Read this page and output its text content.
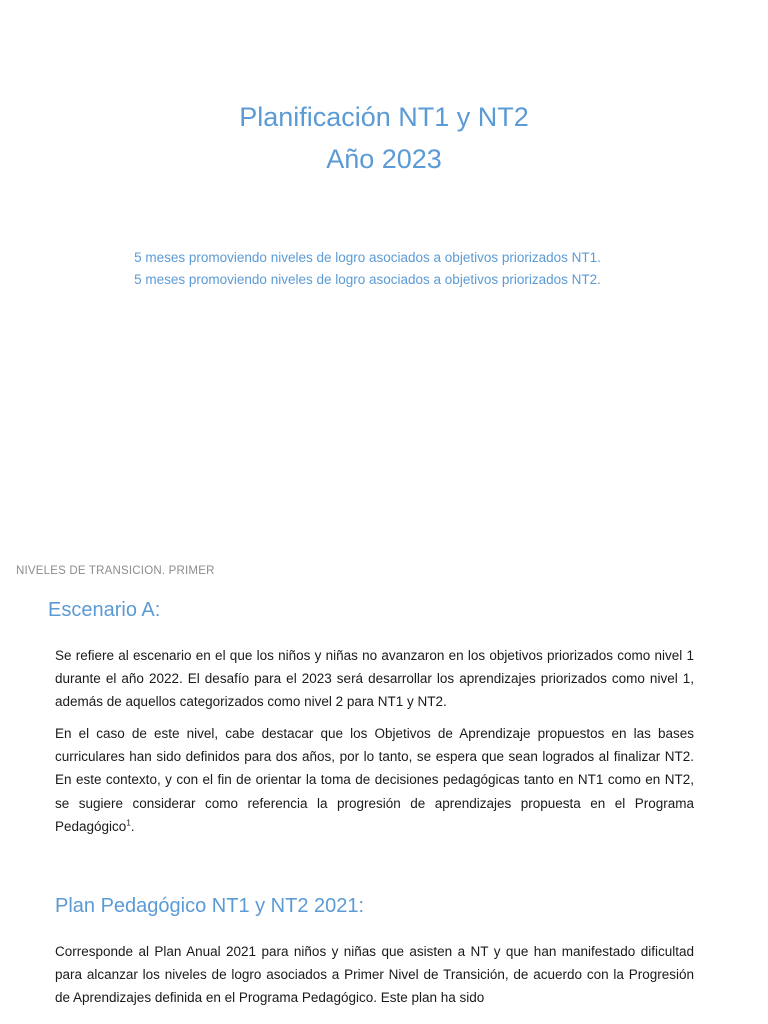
Planificación NT1 y NT2
Año 2023
5 meses promoviendo niveles de logro asociados a objetivos priorizados NT1.
5 meses promoviendo niveles de logro asociados a objetivos priorizados NT2.
NIVELES DE TRANSICION. PRIMER
Escenario A:

Se refiere al escenario en el que los niños y niñas no avanzaron en los objetivos priorizados como nivel 1 durante el año 2022. El desafío para el 2023 será desarrollar los aprendizajes priorizados como nivel 1, además de aquellos categorizados como nivel 2 para NT1 y NT2.

En el caso de este nivel, cabe destacar que los Objetivos de Aprendizaje propuestos en las bases curriculares han sido definidos para dos años, por lo tanto, se espera que sean logrados al finalizar NT2. En este contexto, y con el fin de orientar la toma de decisiones pedagógicas tanto en NT1 como en NT2, se sugiere considerar como referencia la progresión de aprendizajes propuesta en el Programa Pedagógico$^1$.

Plan Pedagógico NT1 y NT2 2021:

Corresponde al Plan Anual 2021 para niños y niñas que asisten a NT y que han manifestado dificultad para alcanzar los niveles de logro asociados a Primer Nivel de Transición, de acuerdo con la Progresión de Aprendizajes definida en el Programa Pedagógico. Este plan ha sido
